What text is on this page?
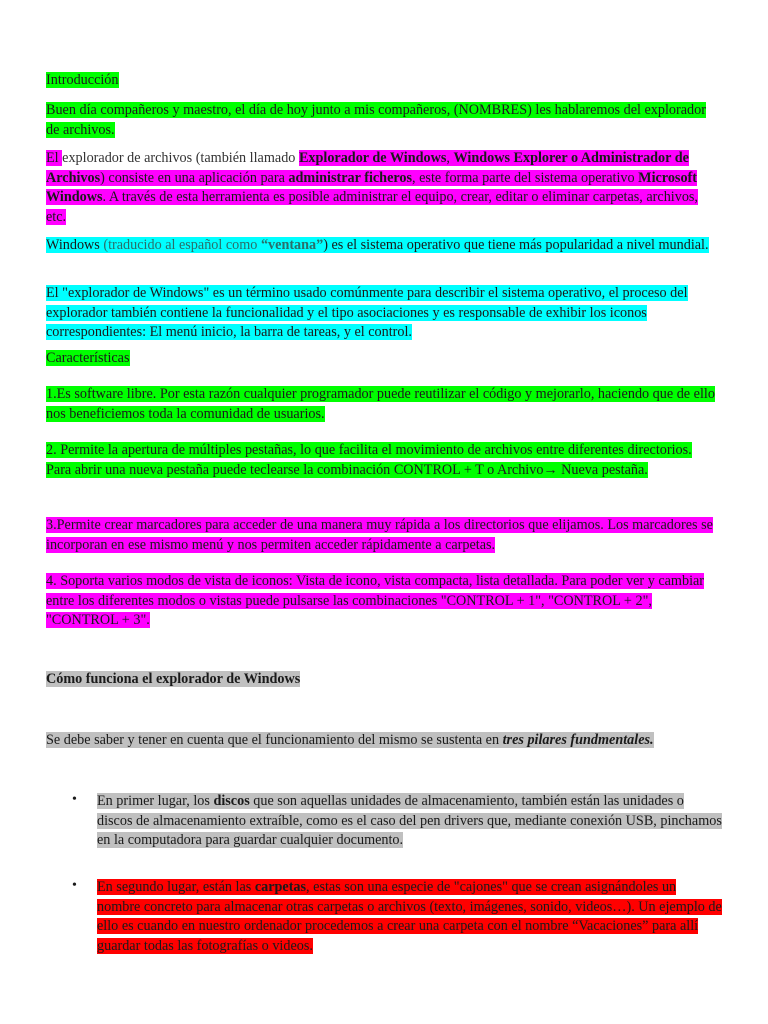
Introducción

Buen día compañeros y maestro, el día de hoy junto a mis compañeros, (NOMBRES) les hablaremos del explorador de archivos.

El explorador de archivos (también llamado Explorador de Windows, Windows Explorer o Administrador de Archivos) consiste en una aplicación para administrar ficheros, este forma parte del sistema operativo Microsoft Windows. A través de esta herramienta es posible administrar el equipo, crear, editar o eliminar carpetas, archivos, etc.

Windows (traducido al español como “ventana”) es el sistema operativo que tiene más popularidad a nivel mundial.

El "explorador de Windows" es un término usado comúnmente para describir el sistema operativo, el proceso del explorador también contiene la funcionalidad y el tipo asociaciones y es responsable de exhibir los iconos correspondientes: El menú inicio, la barra de tareas, y el control.

Características

1.Es software libre. Por esta razón cualquier programador puede reutilizar el código y mejorarlo, haciendo que de ello nos beneficiemos toda la comunidad de usuarios.

2. Permite la apertura de múltiples pestañas, lo que facilita el movimiento de archivos entre diferentes directorios. Para abrir una nueva pestaña puede teclearse la combinación CONTROL + T o Archivo→ Nueva pestaña.

3.Permite crear marcadores para acceder de una manera muy rápida a los directorios que elijamos. Los marcadores se incorporan en ese mismo menú y nos permiten acceder rápidamente a carpetas.

4. Soporta varios modos de vista de iconos: Vista de icono, vista compacta, lista detallada. Para poder ver y cambiar entre los diferentes modos o vistas puede pulsarse las combinaciones "CONTROL + 1", "CONTROL + 2", "CONTROL + 3".

Cómo funciona el explorador de Windows

Se debe saber y tener en cuenta que el funcionamiento del mismo se sustenta en tres pilares fundmentales.

• En primer lugar, los discos que son aquellas unidades de almacenamiento, también están las unidades o discos de almacenamiento extraíble, como es el caso del pen drivers que, mediante conexión USB, pinchamos en la computadora para guardar cualquier documento.

• En segundo lugar, están las carpetas, estas son una especie de "cajones" que se crean asignándoles un nombre concreto para almacenar otras carpetas o archivos (texto, imágenes, sonido, videos…). Un ejemplo de ello es cuando en nuestro ordenador procedemos a crear una carpeta con el nombre “Vacaciones” para allí guardar todas las fotografías o videos.
